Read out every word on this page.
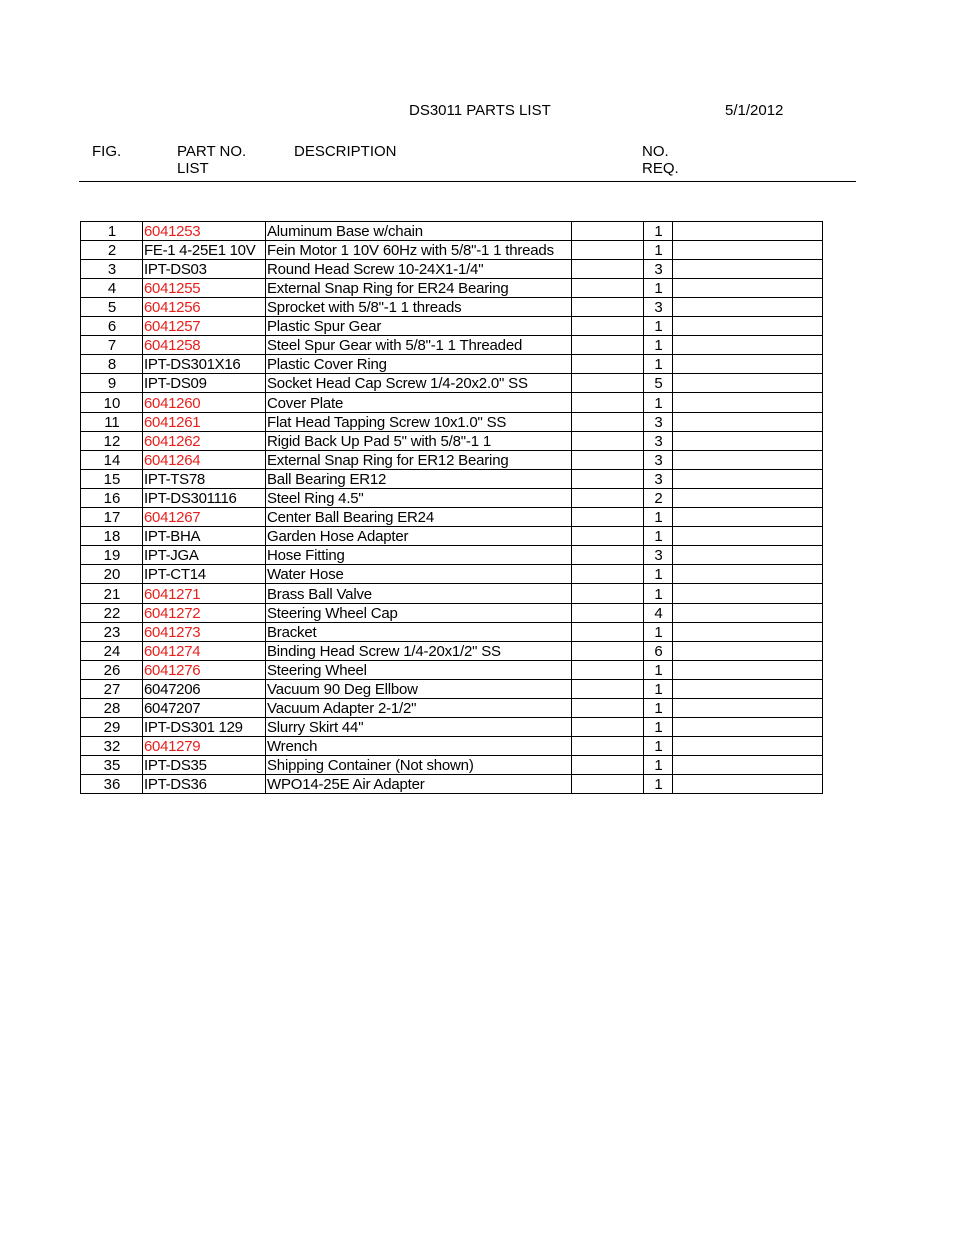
DS3011 PARTS LIST	5/1/2012
FIG.	PART NO.
LIST
DESCRIPTION	NO.
REQ.
1	6041253	Aluminum Base w/chain		1	
2	FE-1 4-25E1 10V	Fein Motor 1 10V 60Hz with 5/8"-1 1 threads		1	
3	IPT-DS03	Round Head Screw 10-24X1-1/4"		3	
4	6041255	External Snap Ring for ER24 Bearing		1	
5	6041256	Sprocket with 5/8"-1 1 threads		3	
6	6041257	Plastic Spur Gear		1	
7	6041258	Steel Spur Gear with 5/8"-1 1 Threaded		1	
8	IPT-DS301X16	Plastic Cover Ring		1	
9	IPT-DS09	Socket Head Cap Screw 1/4-20x2.0" SS		5	
10	6041260	Cover Plate		1	
11	6041261	Flat Head Tapping Screw 10x1.0" SS		3	
12	6041262	Rigid Back Up Pad 5" with 5/8"-1 1		3	
14	6041264	External Snap Ring for ER12 Bearing		3	
15	IPT-TS78	Ball Bearing ER12		3	
16	IPT-DS301116	Steel Ring 4.5"		2	
17	6041267	Center Ball Bearing ER24		1	
18	IPT-BHA	Garden Hose Adapter		1	
19	IPT-JGA	Hose Fitting		3	
20	IPT-CT14	Water Hose		1	
21	6041271	Brass Ball Valve		1	
22	6041272	Steering Wheel Cap		4	
23	6041273	Bracket		1	
24	6041274	Binding Head Screw 1/4-20x1/2" SS		6	
26	6041276	Steering Wheel		1	
27	6047206	Vacuum 90 Deg Ellbow		1	
28	6047207	Vacuum Adapter 2-1/2"		1	
29	IPT-DS301 129	Slurry Skirt 44"		1	
32	6041279	Wrench		1	
35	IPT-DS35	Shipping Container (Not shown)		1	
36	IPT-DS36	WPO14-25E Air Adapter		1	
